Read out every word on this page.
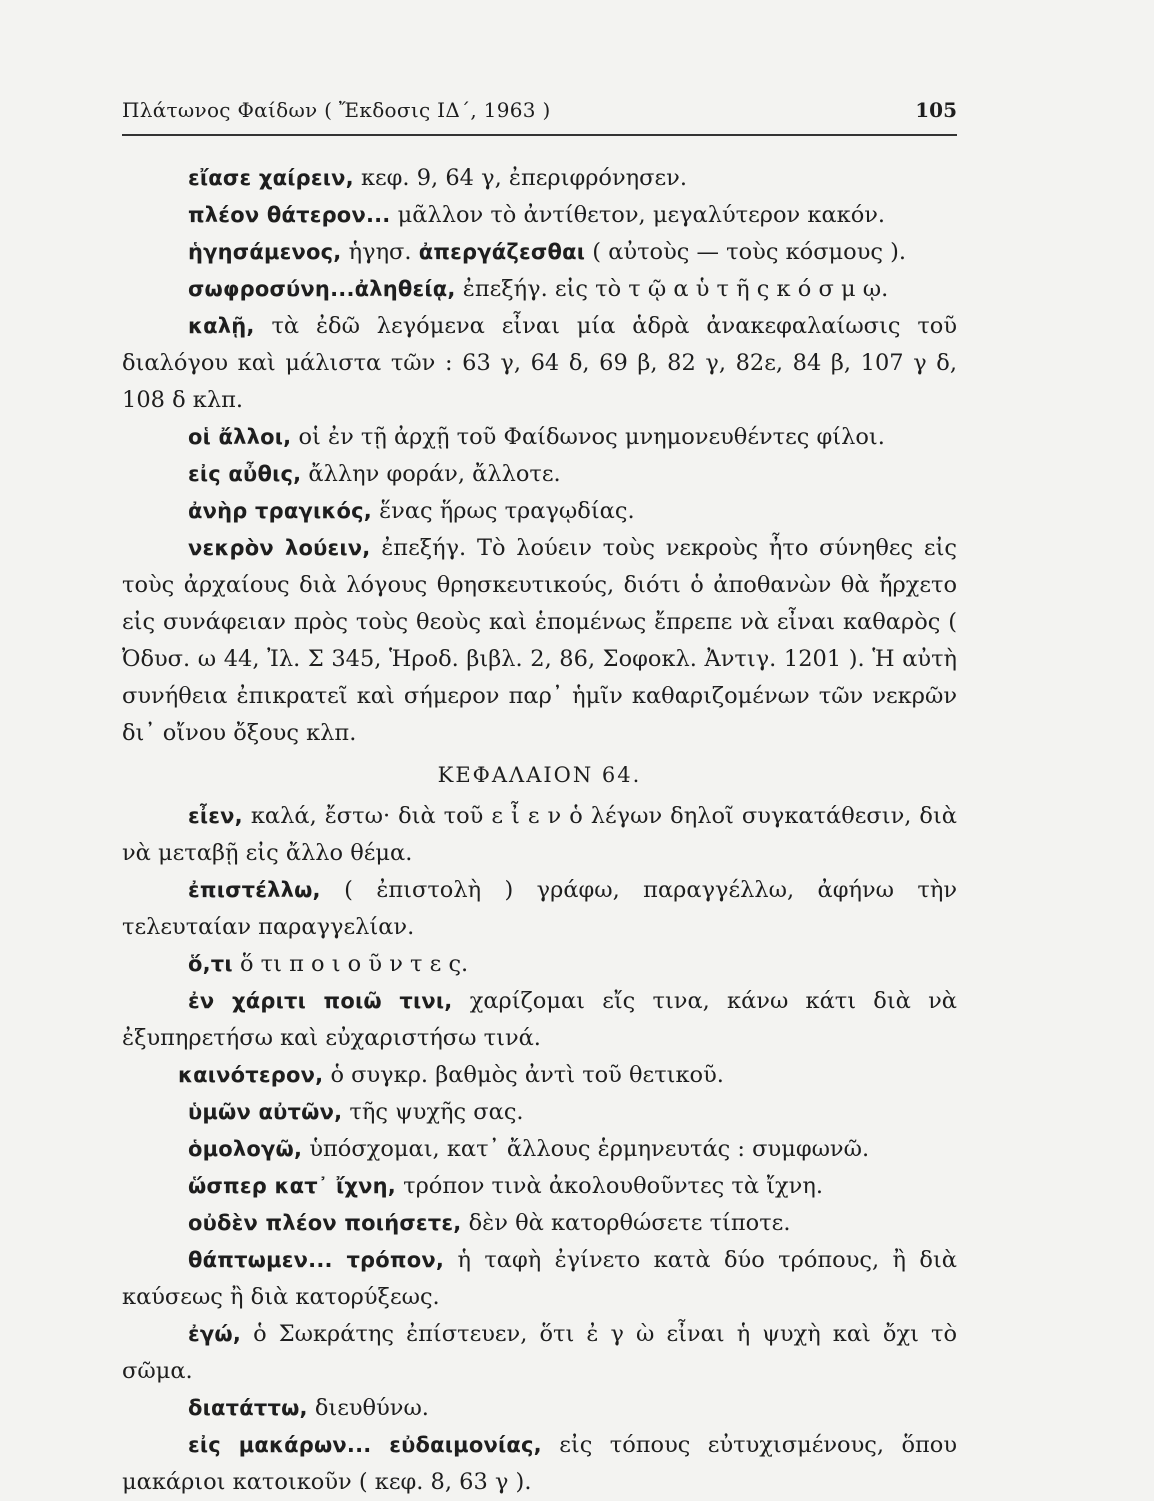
Πλάτωνος Φαίδων ( Ἔκδοσις ΙΔ΄, 1963 )	105

εἴασε χαίρειν, κεφ. 9, 64 γ, ἐπεριφρόνησεν.

πλέον θάτερον... μᾶλλον τὸ ἀντίθετον, μεγαλύτερον κακόν.

ἡγησάμενος, ἡγησ. ἀπεργάζεσθαι ( αὐτοὺς — τοὺς κόσμους ).

σωφροσύνη...ἀληθείᾳ, ἐπεξήγ. εἰς τὸ τ ῷ α ὑ τ ῆ ς κ ό σ μ ῳ.

καλῇ, τὰ ἐδῶ λεγόμενα εἶναι μία ἁδρὰ ἀνακεφαλαίωσις τοῦ διαλόγου καὶ μάλιστα τῶν : 63 γ, 64 δ, 69 β, 82 γ, 82ε, 84 β, 107 γ δ, 108 δ κλπ.

οἱ ἄλλοι, οἱ ἐν τῇ ἀρχῇ τοῦ Φαίδωνος μνημονευθέντες φίλοι.

εἰς αὖθις, ἄλλην φοράν, ἄλλοτε.

ἀνὴρ τραγικός, ἕνας ἥρως τραγῳδίας.

νεκρὸν λούειν, ἐπεξήγ. Τὸ λούειν τοὺς νεκροὺς ἦτο σύνηθες εἰς τοὺς ἀρχαίους διὰ λόγους θρησκευτικούς, διότι ὁ ἀποθανὼν θὰ ἤρχετο εἰς συνάφειαν πρὸς τοὺς θεοὺς καὶ ἑπομένως ἔπρεπε νὰ εἶναι καθαρὸς ( Ὀδυσ. ω 44, Ἰλ. Σ 345, Ἡροδ. βιβλ. 2, 86, Σοφοκλ. Ἀντιγ. 1201 ). Ἡ αὐτὴ συνήθεια ἐπικρατεῖ καὶ σήμερον παρ᾽ ἡμῖν καθαριζομένων τῶν νεκρῶν δι᾽ οἴνου ὄξους κλπ.

ΚΕΦΑΛΑΙΟΝ 64.

εἶεν, καλά, ἔστω· διὰ τοῦ ε ἶ ε ν ὁ λέγων δηλοῖ συγκατάθεσιν, διὰ νὰ μεταβῇ εἰς ἄλλο θέμα.

ἐπιστέλλω, ( ἐπιστολὴ ) γράφω, παραγγέλλω, ἀφήνω τὴν τελευταίαν παραγγελίαν.

ὅ,τι ὅ τι π ο ι ο ῦ ν τ ε ς.

ἐν χάριτι ποιῶ τινι, χαρίζομαι εἴς τινα, κάνω κάτι διὰ νὰ ἐξυπηρετήσω καὶ εὐχαριστήσω τινά.

καινότερον, ὁ συγκρ. βαθμὸς ἀντὶ τοῦ θετικοῦ.

ὑμῶν αὐτῶν, τῆς ψυχῆς σας.

ὁμολογῶ, ὑπόσχομαι, κατ᾽ ἄλλους ἑρμηνευτάς : συμφωνῶ.

ὥσπερ κατ᾽ ἴχνη, τρόπον τινὰ ἀκολουθοῦντες τὰ ἴχνη.

οὐδὲν πλέον ποιήσετε, δὲν θὰ κατορθώσετε τίποτε.

θάπτωμεν... τρόπον, ἡ ταφὴ ἐγίνετο κατὰ δύο τρόπους, ἢ διὰ καύσεως ἢ διὰ κατορύξεως.

ἐγώ, ὁ Σωκράτης ἐπίστευεν, ὅτι ἐ γ ὼ εἶναι ἡ ψυχὴ καὶ ὄχι τὸ σῶμα.

διατάττω, διευθύνω.

εἰς μακάρων... εὐδαιμονίας, εἰς τόπους εὐτυχισμένους, ὅπου μακάριοι κατοικοῦν ( κεφ. 8, 63 γ ).
